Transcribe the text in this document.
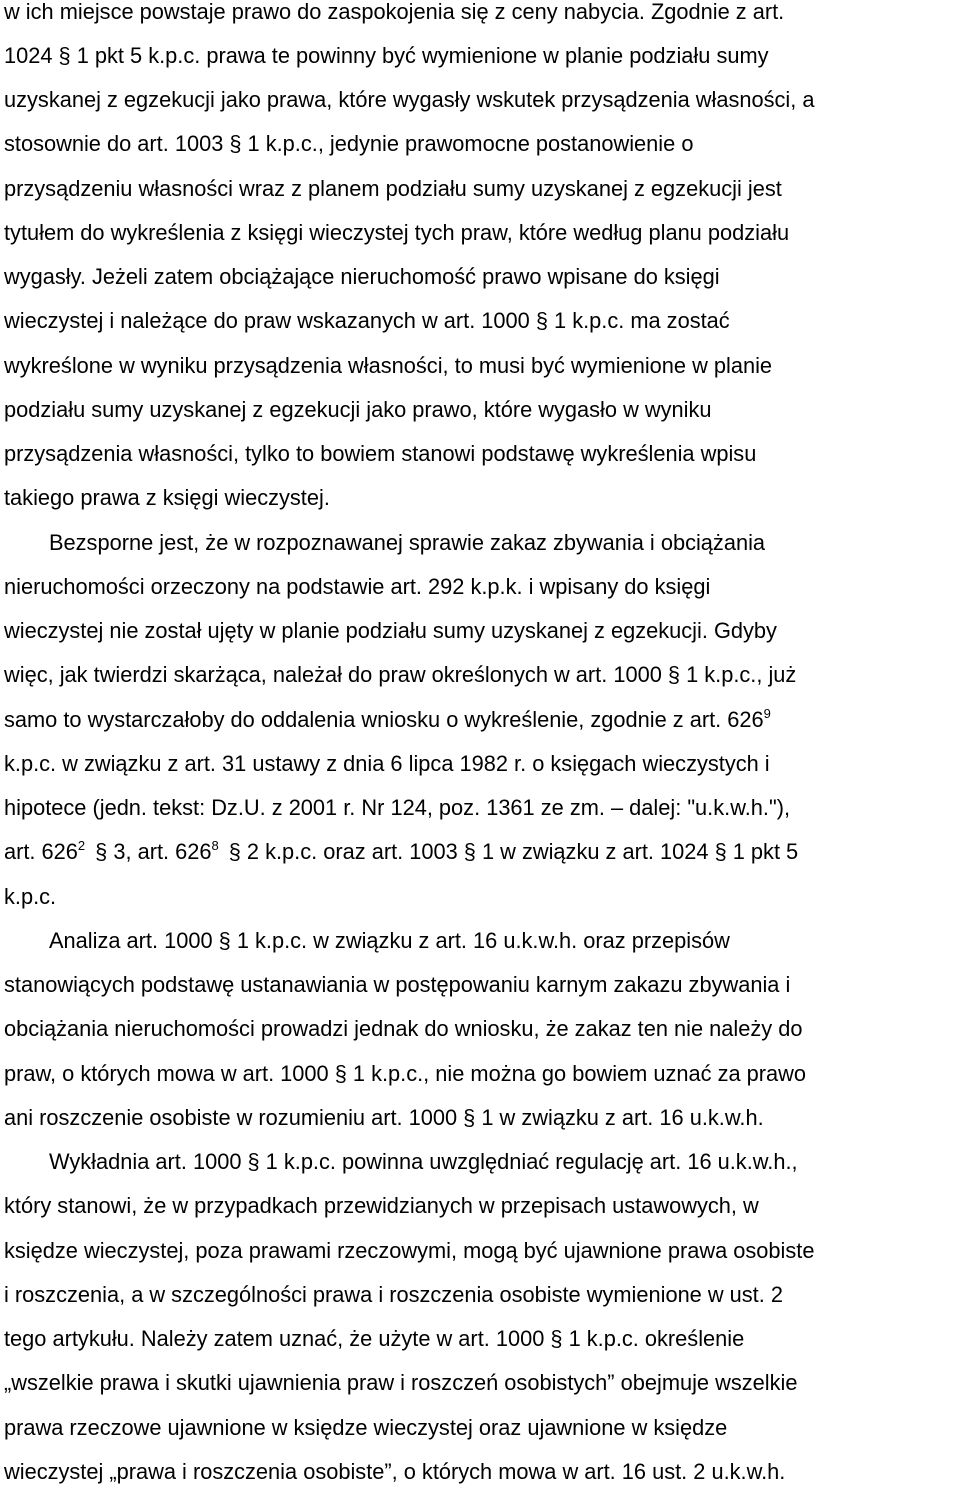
w ich miejsce powstaje prawo do zaspokojenia się z ceny nabycia. Zgodnie z art.
1024 § 1 pkt 5 k.p.c. prawa te powinny być wymienione w planie podziału sumy
uzyskanej z egzekucji jako prawa, które wygasły wskutek przysądzenia własności, a
stosownie do art. 1003 § 1 k.p.c., jedynie prawomocne postanowienie o
przysądzeniu własności wraz z planem podziału sumy uzyskanej z egzekucji jest
tytułem do wykreślenia z księgi wieczystej tych praw, które według planu podziału
wygasły. Jeżeli zatem obciążające nieruchomość prawo wpisane do księgi
wieczystej i należące do praw wskazanych w art. 1000 § 1 k.p.c. ma zostać
wykreślone w wyniku przysądzenia własności, to musi być wymienione w planie
podziału sumy uzyskanej z egzekucji jako prawo, które wygasło w wyniku
przysądzenia własności, tylko to bowiem stanowi podstawę wykreślenia wpisu
takiego prawa z księgi wieczystej.
Bezsporne jest, że w rozpoznawanej sprawie zakaz zbywania i obciążania
nieruchomości orzeczony na podstawie art. 292 k.p.k. i wpisany do księgi
wieczystej nie został ujęty w planie podziału sumy uzyskanej z egzekucji. Gdyby
więc, jak twierdzi skarżąca, należał do praw określonych w art. 1000 § 1 k.p.c., już
samo to wystarczałoby do oddalenia wniosku o wykreślenie, zgodnie z art. $626^9$
k.p.c. w związku z art. 31 ustawy z dnia 6 lipca 1982 r. o księgach wieczystych i
hipotece (jedn. tekst: Dz.U. z 2001 r. Nr 124, poz. 1361 ze zm. – dalej: "u.k.w.h."),
art. $626^2$ § 3, art. $626^8$ § 2 k.p.c. oraz art. 1003 § 1 w związku z art. 1024 § 1 pkt 5
k.p.c.
Analiza art. 1000 § 1 k.p.c. w związku z art. 16 u.k.w.h. oraz przepisów
stanowiących podstawę ustanawiania w postępowaniu karnym zakazu zbywania i
obciążania nieruchomości prowadzi jednak do wniosku, że zakaz ten nie należy do
praw, o których mowa w art. 1000 § 1 k.p.c., nie można go bowiem uznać za prawo
ani roszczenie osobiste w rozumieniu art. 1000 § 1 w związku z art. 16 u.k.w.h.
Wykładnia art. 1000 § 1 k.p.c. powinna uwzględniać regulację art. 16 u.k.w.h.,
który stanowi, że w przypadkach przewidzianych w przepisach ustawowych, w
księdze wieczystej, poza prawami rzeczowymi, mogą być ujawnione prawa osobiste
i roszczenia, a w szczególności prawa i roszczenia osobiste wymienione w ust. 2
tego artykułu. Należy zatem uznać, że użyte w art. 1000 § 1 k.p.c. określenie
„wszelkie prawa i skutki ujawnienia praw i roszczeń osobistych” obejmuje wszelkie
prawa rzeczowe ujawnione w księdze wieczystej oraz ujawnione w księdze
wieczystej „prawa i roszczenia osobiste”, o których mowa w art. 16 ust. 2 u.k.w.h.
